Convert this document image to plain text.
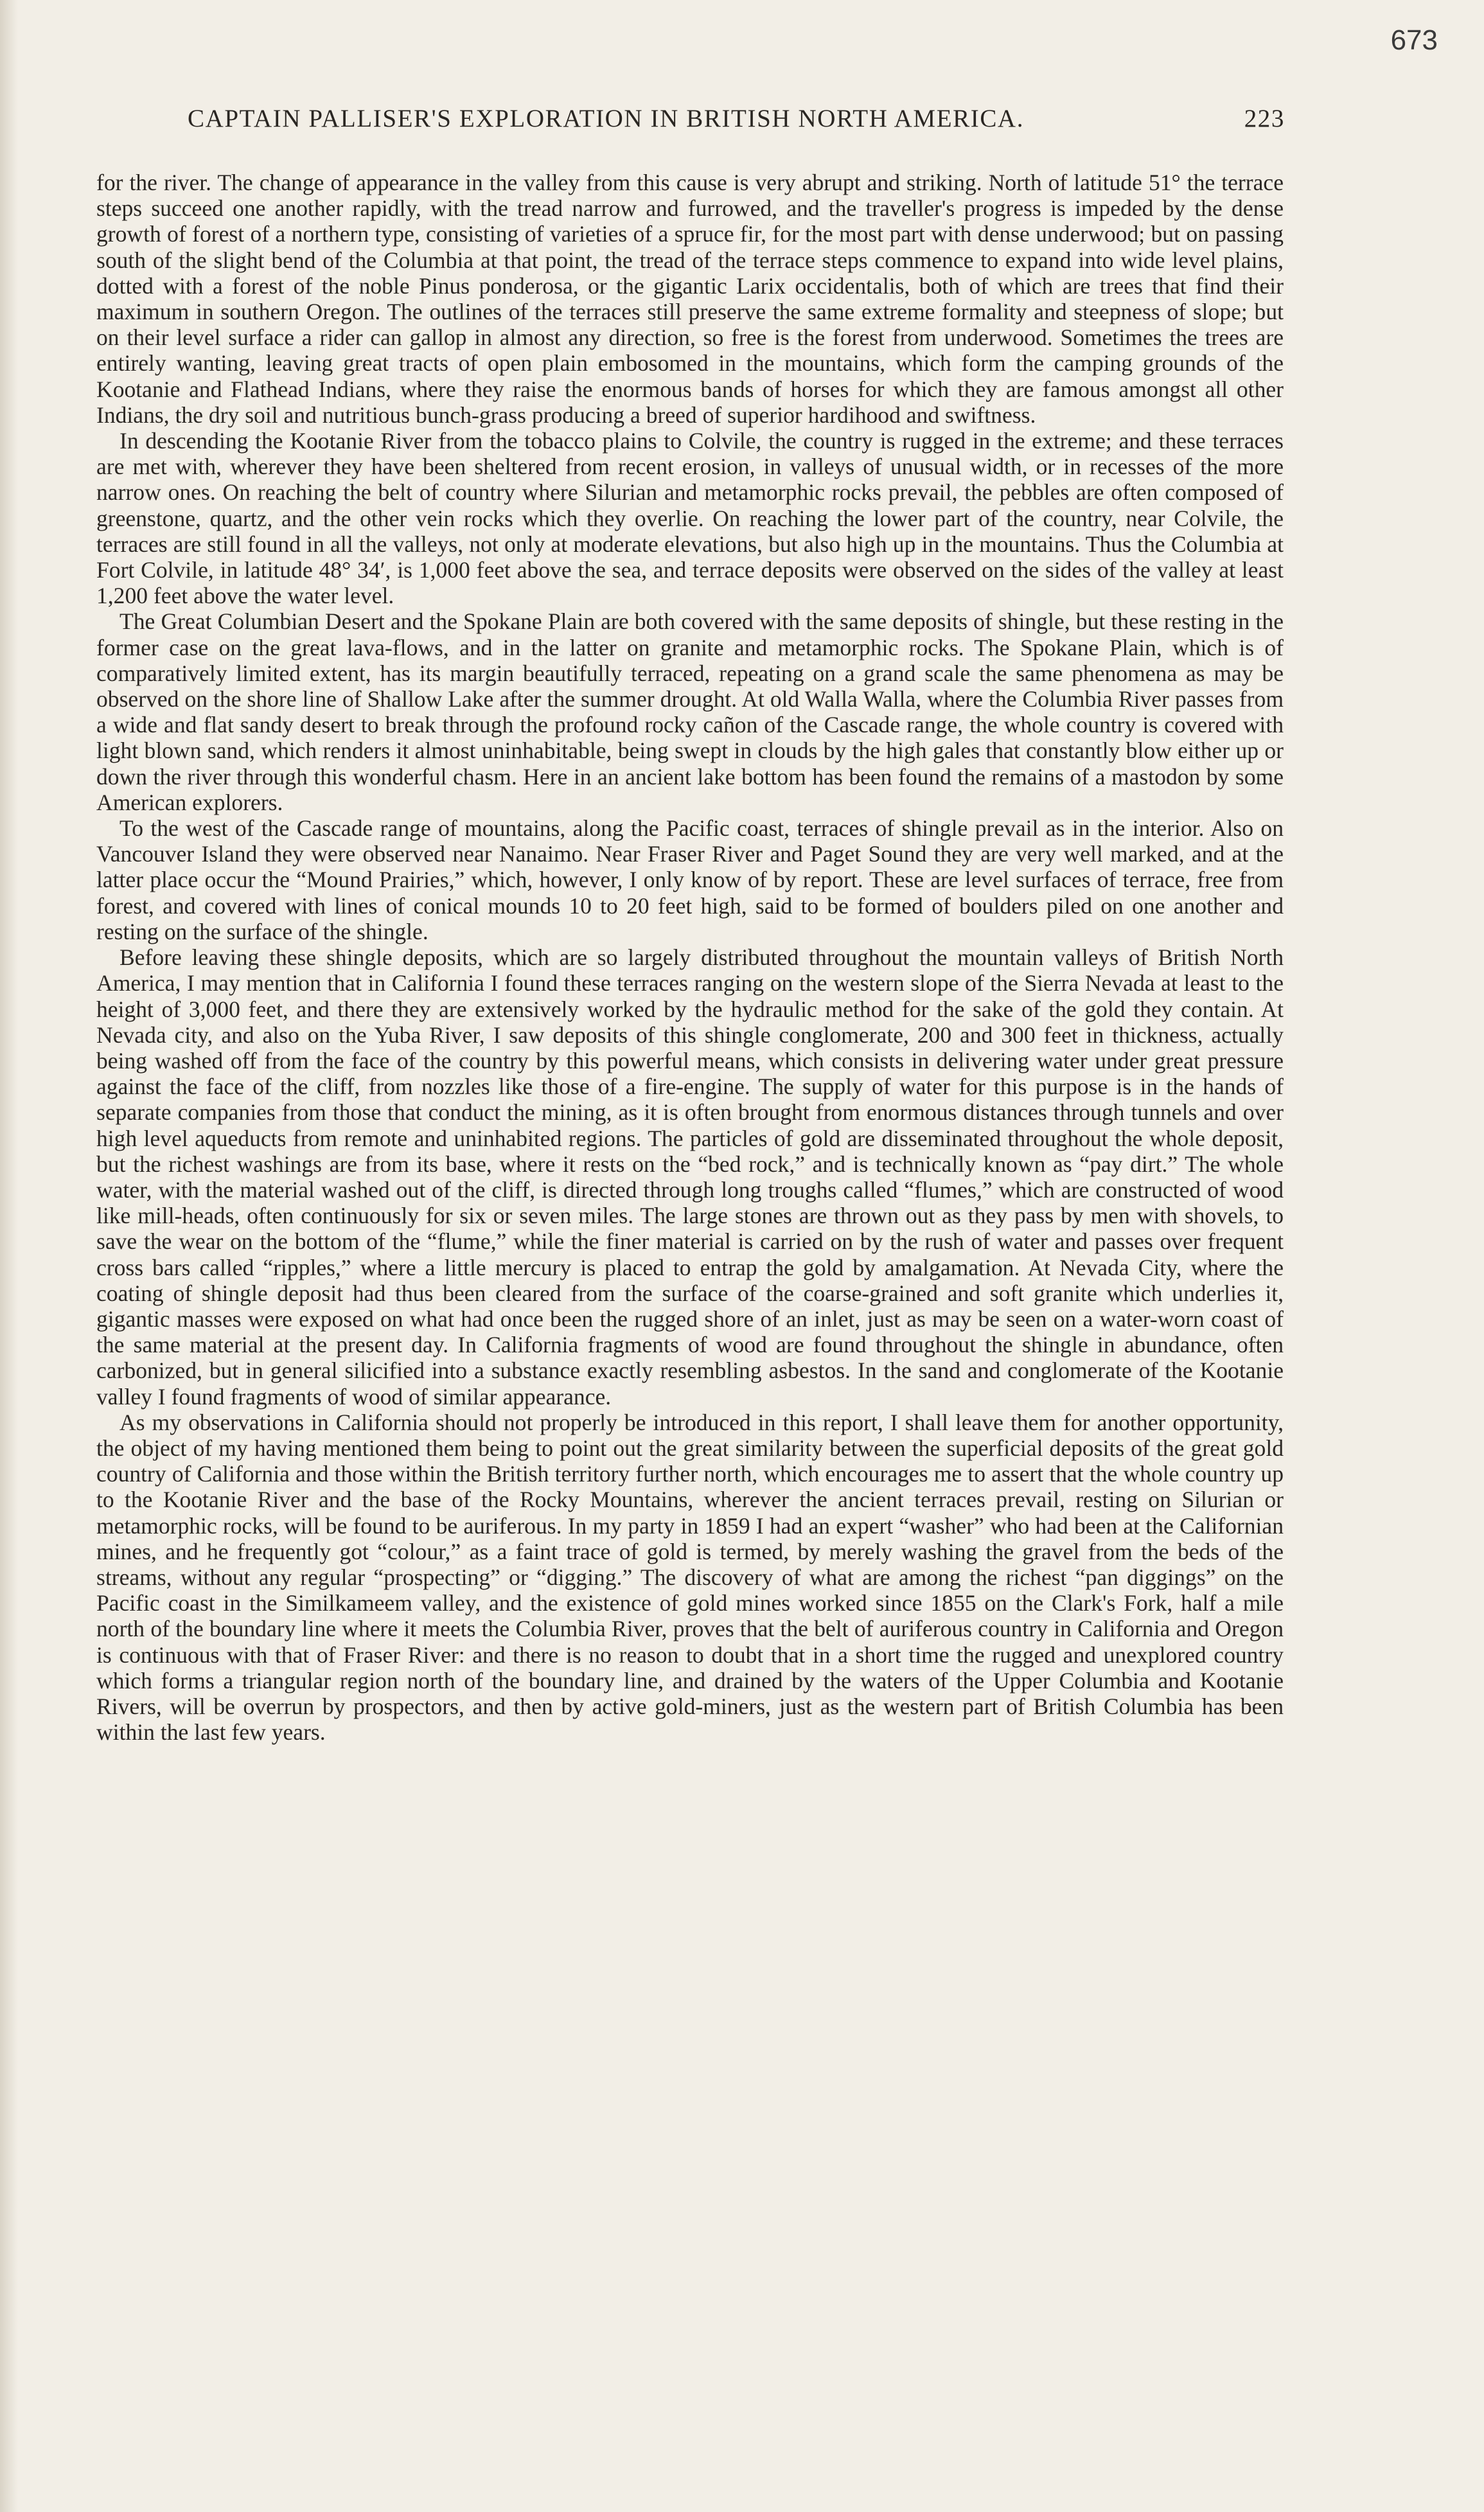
673
CAPTAIN PALLISER'S EXPLORATION IN BRITISH NORTH AMERICA.	223

for the river. The change of appearance in the valley from this cause is very abrupt and striking. North of latitude 51° the terrace steps succeed one another rapidly, with the tread narrow and furrowed, and the traveller's progress is impeded by the dense growth of forest of a northern type, consisting of varieties of a spruce fir, for the most part with dense underwood; but on passing south of the slight bend of the Columbia at that point, the tread of the terrace steps commence to expand into wide level plains, dotted with a forest of the noble Pinus ponderosa, or the gigantic Larix occidentalis, both of which are trees that find their maximum in southern Oregon. The outlines of the terraces still preserve the same extreme formality and steepness of slope; but on their level surface a rider can gallop in almost any direction, so free is the forest from underwood. Sometimes the trees are entirely wanting, leaving great tracts of open plain embosomed in the mountains, which form the camping grounds of the Kootanie and Flathead Indians, where they raise the enormous bands of horses for which they are famous amongst all other Indians, the dry soil and nutritious bunch-grass producing a breed of superior hardihood and swiftness.

In descending the Kootanie River from the tobacco plains to Colvile, the country is rugged in the extreme; and these terraces are met with, wherever they have been sheltered from recent erosion, in valleys of unusual width, or in recesses of the more narrow ones. On reaching the belt of country where Silurian and metamorphic rocks prevail, the pebbles are often composed of greenstone, quartz, and the other vein rocks which they overlie. On reaching the lower part of the country, near Colvile, the terraces are still found in all the valleys, not only at moderate elevations, but also high up in the mountains. Thus the Columbia at Fort Colvile, in latitude 48° 34′, is 1,000 feet above the sea, and terrace deposits were observed on the sides of the valley at least 1,200 feet above the water level.

The Great Columbian Desert and the Spokane Plain are both covered with the same deposits of shingle, but these resting in the former case on the great lava-flows, and in the latter on granite and metamorphic rocks. The Spokane Plain, which is of comparatively limited extent, has its margin beautifully terraced, repeating on a grand scale the same phenomena as may be observed on the shore line of Shallow Lake after the summer drought. At old Walla Walla, where the Columbia River passes from a wide and flat sandy desert to break through the profound rocky cañon of the Cascade range, the whole country is covered with light blown sand, which renders it almost uninhabitable, being swept in clouds by the high gales that constantly blow either up or down the river through this wonderful chasm. Here in an ancient lake bottom has been found the remains of a mastodon by some American explorers.

To the west of the Cascade range of mountains, along the Pacific coast, terraces of shingle prevail as in the interior. Also on Vancouver Island they were observed near Nanaimo. Near Fraser River and Paget Sound they are very well marked, and at the latter place occur the “Mound Prairies,” which, however, I only know of by report. These are level surfaces of terrace, free from forest, and covered with lines of conical mounds 10 to 20 feet high, said to be formed of boulders piled on one another and resting on the surface of the shingle.

Before leaving these shingle deposits, which are so largely distributed throughout the mountain valleys of British North America, I may mention that in California I found these terraces ranging on the western slope of the Sierra Nevada at least to the height of 3,000 feet, and there they are extensively worked by the hydraulic method for the sake of the gold they contain. At Nevada city, and also on the Yuba River, I saw deposits of this shingle conglomerate, 200 and 300 feet in thickness, actually being washed off from the face of the country by this powerful means, which consists in delivering water under great pressure against the face of the cliff, from nozzles like those of a fire-engine. The supply of water for this purpose is in the hands of separate companies from those that conduct the mining, as it is often brought from enormous distances through tunnels and over high level aqueducts from remote and uninhabited regions. The particles of gold are disseminated throughout the whole deposit, but the richest washings are from its base, where it rests on the “bed rock,” and is technically known as “pay dirt.” The whole water, with the material washed out of the cliff, is directed through long troughs called “flumes,” which are constructed of wood like mill-heads, often continuously for six or seven miles. The large stones are thrown out as they pass by men with shovels, to save the wear on the bottom of the “flume,” while the finer material is carried on by the rush of water and passes over frequent cross bars called “ripples,” where a little mercury is placed to entrap the gold by amalgamation. At Nevada City, where the coating of shingle deposit had thus been cleared from the surface of the coarse-grained and soft granite which underlies it, gigantic masses were exposed on what had once been the rugged shore of an inlet, just as may be seen on a water-worn coast of the same material at the present day. In California fragments of wood are found throughout the shingle in abundance, often carbonized, but in general silicified into a substance exactly resembling asbestos. In the sand and conglomerate of the Kootanie valley I found fragments of wood of similar appearance.

As my observations in California should not properly be introduced in this report, I shall leave them for another opportunity, the object of my having mentioned them being to point out the great similarity between the superficial deposits of the great gold country of California and those within the British territory further north, which encourages me to assert that the whole country up to the Kootanie River and the base of the Rocky Mountains, wherever the ancient terraces prevail, resting on Silurian or metamorphic rocks, will be found to be auriferous. In my party in 1859 I had an expert “washer” who had been at the Californian mines, and he frequently got “colour,” as a faint trace of gold is termed, by merely washing the gravel from the beds of the streams, without any regular “prospecting” or “digging.” The discovery of what are among the richest “pan diggings” on the Pacific coast in the Similkameem valley, and the existence of gold mines worked since 1855 on the Clark's Fork, half a mile north of the boundary line where it meets the Columbia River, proves that the belt of auriferous country in California and Oregon is continuous with that of Fraser River: and there is no reason to doubt that in a short time the rugged and unexplored country which forms a triangular region north of the boundary line, and drained by the waters of the Upper Columbia and Kootanie Rivers, will be overrun by prospectors, and then by active gold-miners, just as the western part of British Columbia has been within the last few years.
